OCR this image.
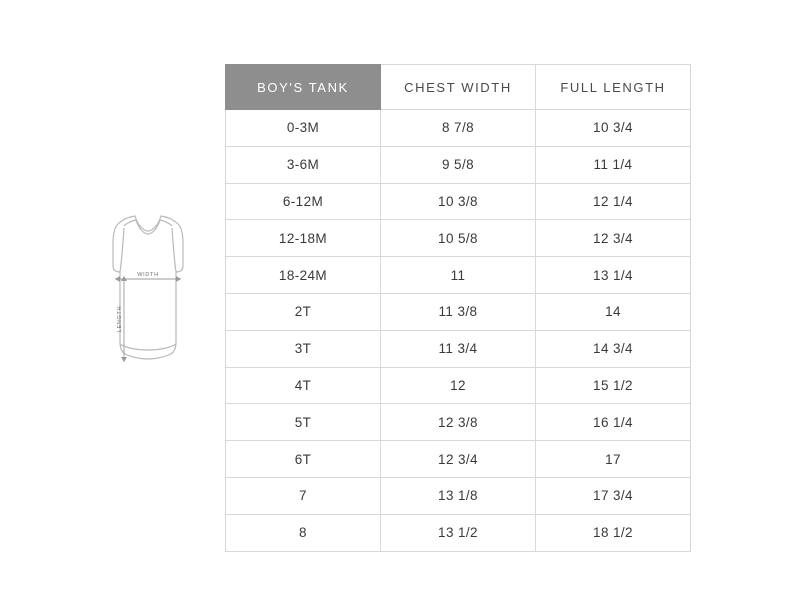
WIDTH
LENGTH
BOY'S TANK	CHEST WIDTH	FULL LENGTH
0-3M	8 7/8	10 3/4
3-6M	9 5/8	11 1/4
6-12M	10 3/8	12 1/4
12-18M	10 5/8	12 3/4
18-24M	11	13 1/4
2T	11 3/8	14
3T	11 3/4	14 3/4
4T	12	15 1/2
5T	12 3/8	16 1/4
6T	12 3/4	17
7	13 1/8	17 3/4
8	13 1/2	18 1/2
